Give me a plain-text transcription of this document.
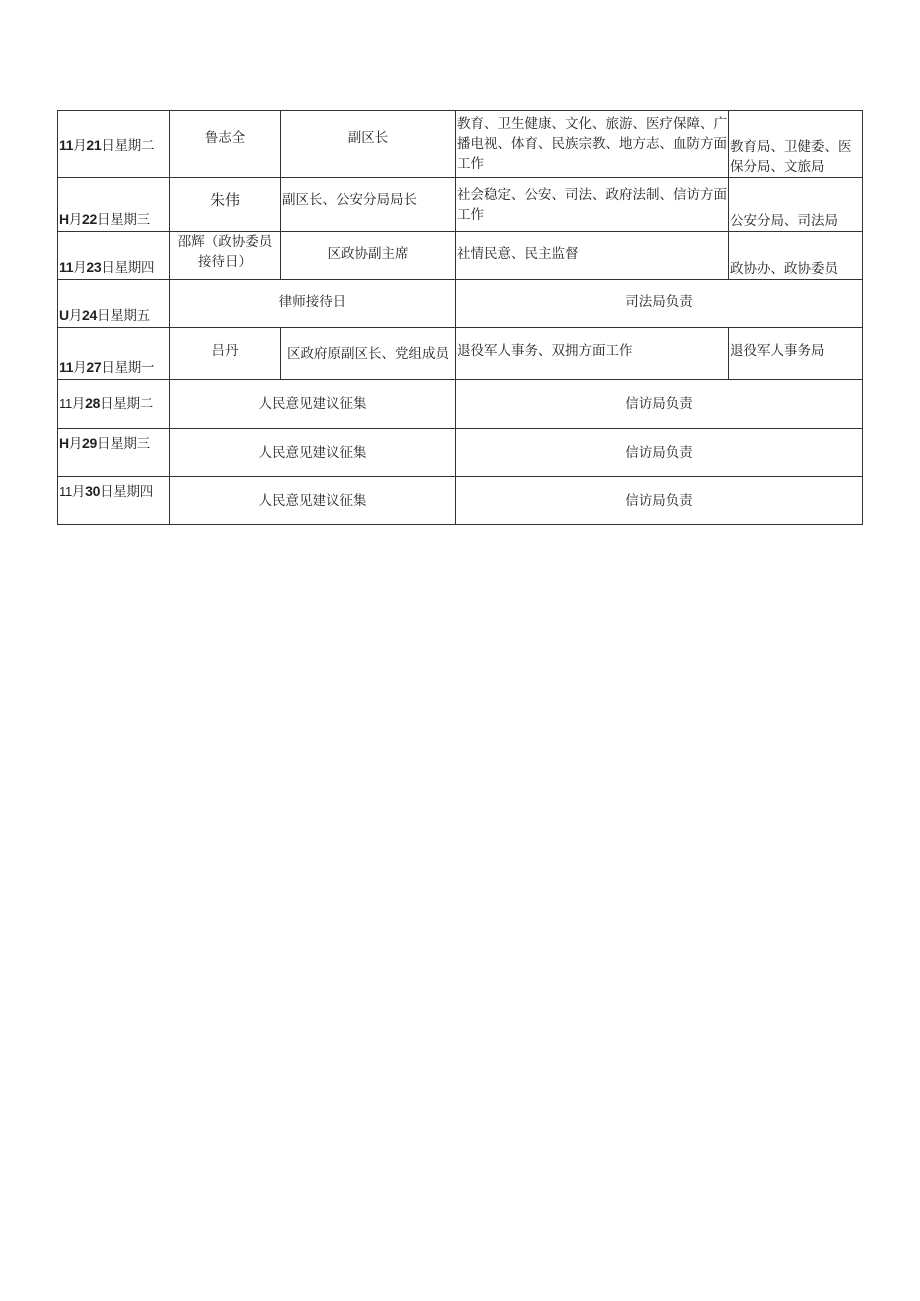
11月21日星期二	鲁志全	副区长	教育、卫生健康、文化、旅游、医疗保障、广播电视、体育、民族宗教、地方志、血防方面工作	教育局、卫健委、医保分局、文旅局
H月22日星期三	朱伟	副区长、公安分局局长	社会稳定、公安、司法、政府法制、信访方面工作	公安分局、司法局
11月23日星期四	邵辉（政协委员接待日）	区政协副主席	社情民意、民主监督	政协办、政协委员
U月24日星期五	律师接待日		司法局负责	
11月27日星期一	吕丹	区政府原副区长、党组成员	退役军人事务、双拥方面工作	退役军人事务局
11月28日星期二	人民意见建议征集		信访局负责	
H月29日星期三	人民意见建议征集		信访局负责	
11月30日星期四	人民意见建议征集		信访局负责	
